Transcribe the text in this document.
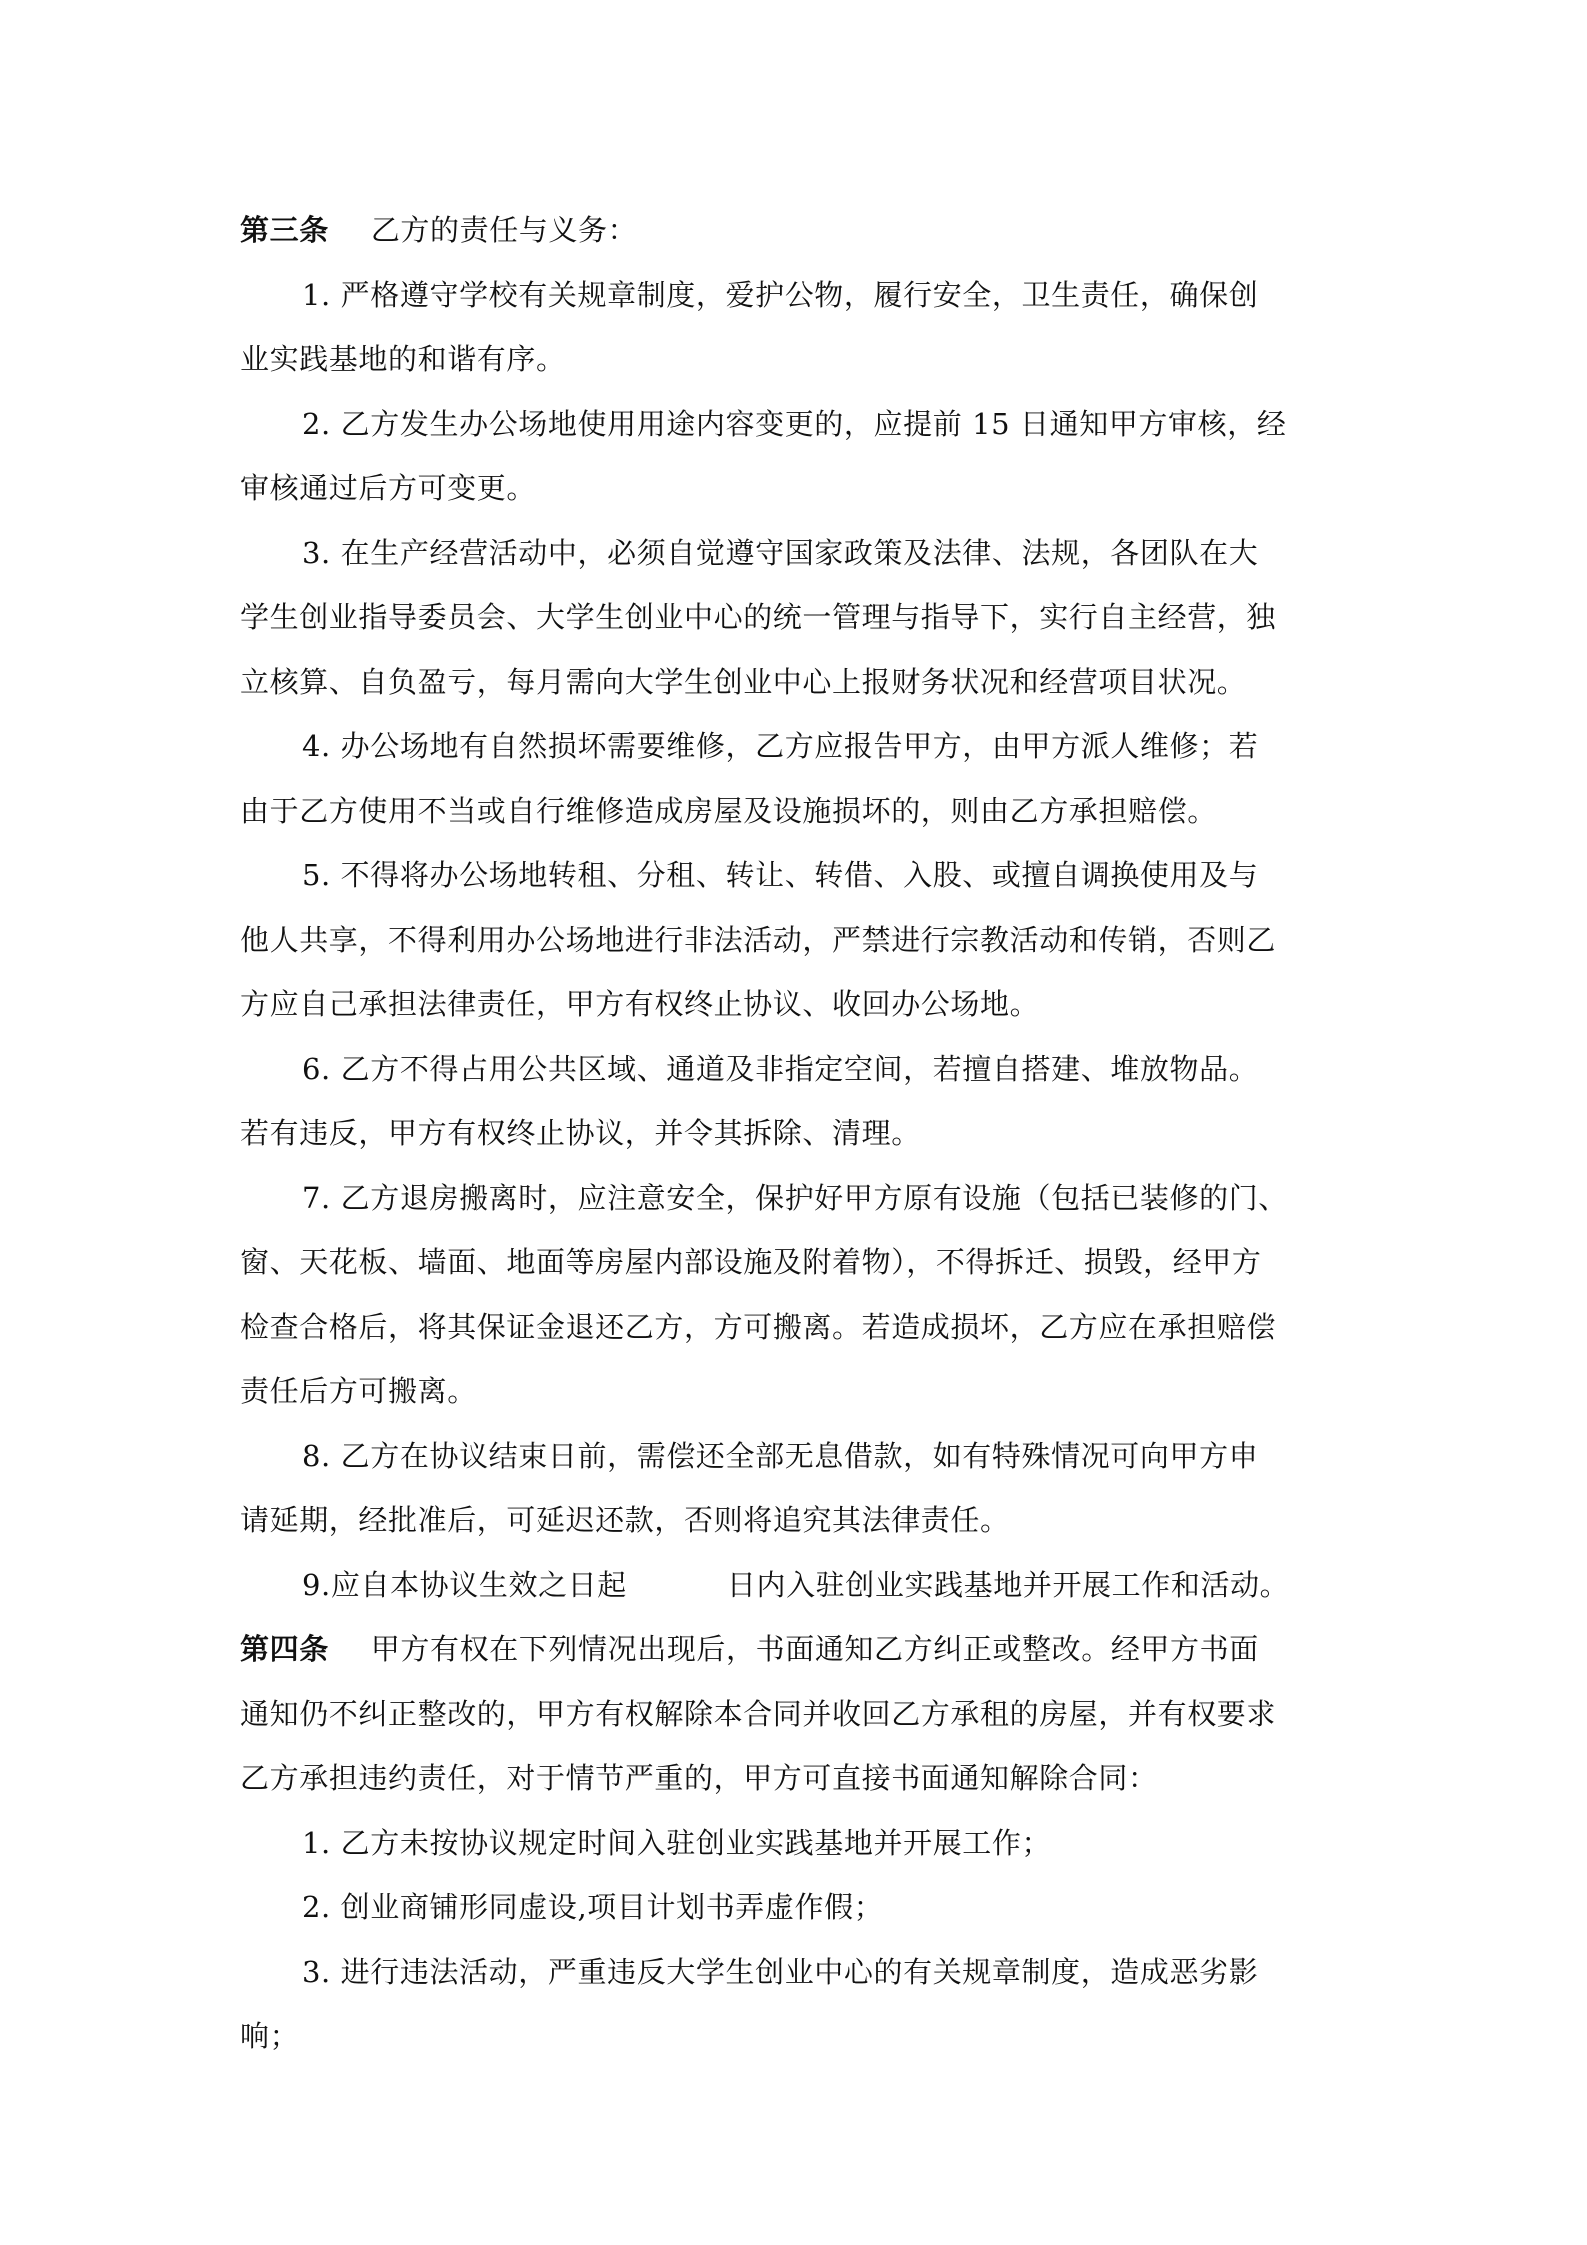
第三条 乙方的责任与义务：
1. 严格遵守学校有关规章制度，爱护公物，履行安全，卫生责任，确保创
业实践基地的和谐有序。
2. 乙方发生办公场地使用用途内容变更的，应提前 15 日通知甲方审核，经
审核通过后方可变更。
3. 在生产经营活动中，必须自觉遵守国家政策及法律、法规，各团队在大
学生创业指导委员会、大学生创业中心的统一管理与指导下，实行自主经营，独
立核算、自负盈亏，每月需向大学生创业中心上报财务状况和经营项目状况。
4. 办公场地有自然损坏需要维修，乙方应报告甲方，由甲方派人维修；若
由于乙方使用不当或自行维修造成房屋及设施损坏的，则由乙方承担赔偿。
5. 不得将办公场地转租、分租、转让、转借、入股、或擅自调换使用及与
他人共享，不得利用办公场地进行非法活动，严禁进行宗教活动和传销，否则乙
方应自己承担法律责任，甲方有权终止协议、收回办公场地。
6. 乙方不得占用公共区域、通道及非指定空间，若擅自搭建、堆放物品。
若有违反，甲方有权终止协议，并令其拆除、清理。
7. 乙方退房搬离时，应注意安全，保护好甲方原有设施（包括已装修的门、
窗、天花板、墙面、地面等房屋内部设施及附着物），不得拆迁、损毁，经甲方
检查合格后，将其保证金退还乙方，方可搬离。若造成损坏，乙方应在承担赔偿
责任后方可搬离。
8. 乙方在协议结束日前，需偿还全部无息借款，如有特殊情况可向甲方申
请延期，经批准后，可延迟还款，否则将追究其法律责任。
9.应自本协议生效之日起	日内入驻创业实践基地并开展工作和活动。
第四条 甲方有权在下列情况出现后，书面通知乙方纠正或整改。经甲方书面
通知仍不纠正整改的，甲方有权解除本合同并收回乙方承租的房屋，并有权要求
乙方承担违约责任，对于情节严重的，甲方可直接书面通知解除合同：
1. 乙方未按协议规定时间入驻创业实践基地并开展工作；
2. 创业商铺形同虚设,项目计划书弄虚作假；
3. 进行违法活动，严重违反大学生创业中心的有关规章制度，造成恶劣影
响；
